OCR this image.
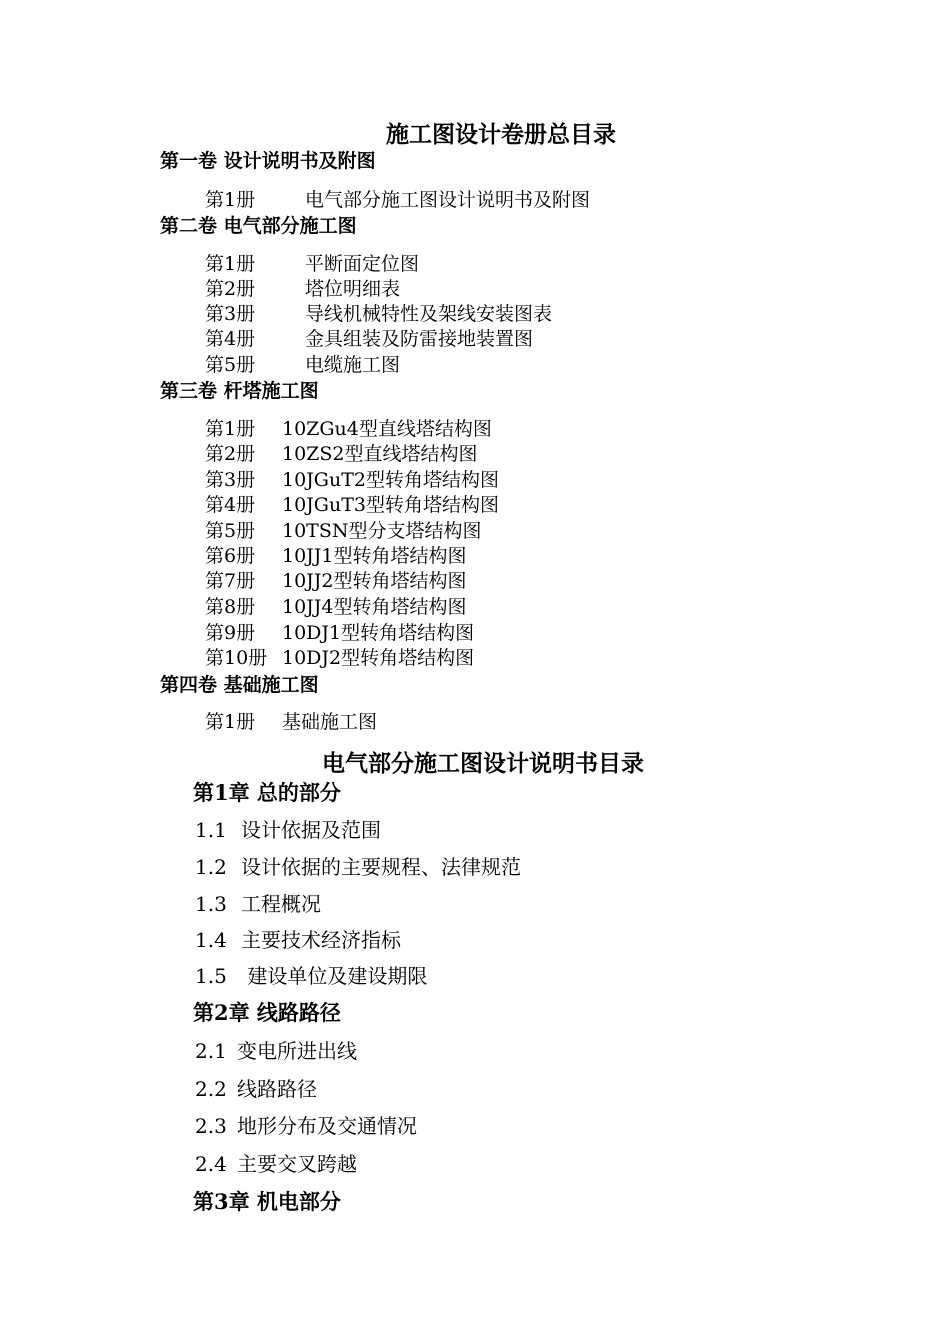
施工图设计卷册总目录
第一卷 设计说明书及附图
第1册	电气部分施工图设计说明书及附图
第二卷 电气部分施工图
第1册	平断面定位图
第2册	塔位明细表
第3册	导线机械特性及架线安装图表
第4册	金具组装及防雷接地装置图
第5册	电缆施工图
第三卷 杆塔施工图
第1册 10ZGu4型直线塔结构图
第2册 10ZS2型直线塔结构图
第3册 10JGuT2型转角塔结构图
第4册 10JGuT3型转角塔结构图
第5册 10TSN型分支塔结构图
第6册 10JJ1型转角塔结构图
第7册 10JJ2型转角塔结构图
第8册 10JJ4型转角塔结构图
第9册 10DJ1型转角塔结构图
第10册 10DJ2型转角塔结构图
第四卷 基础施工图
第1册 基础施工图
电气部分施工图设计说明书目录
第1章 总的部分
1.1 设计依据及范围
1.2 设计依据的主要规程、法律规范
1.3 工程概况
1.4 主要技术经济指标
1.5 建设单位及建设期限
第2章 线路路径
2.1 变电所进出线
2.2 线路路径
2.3 地形分布及交通情况
2.4 主要交叉跨越
第3章 机电部分
